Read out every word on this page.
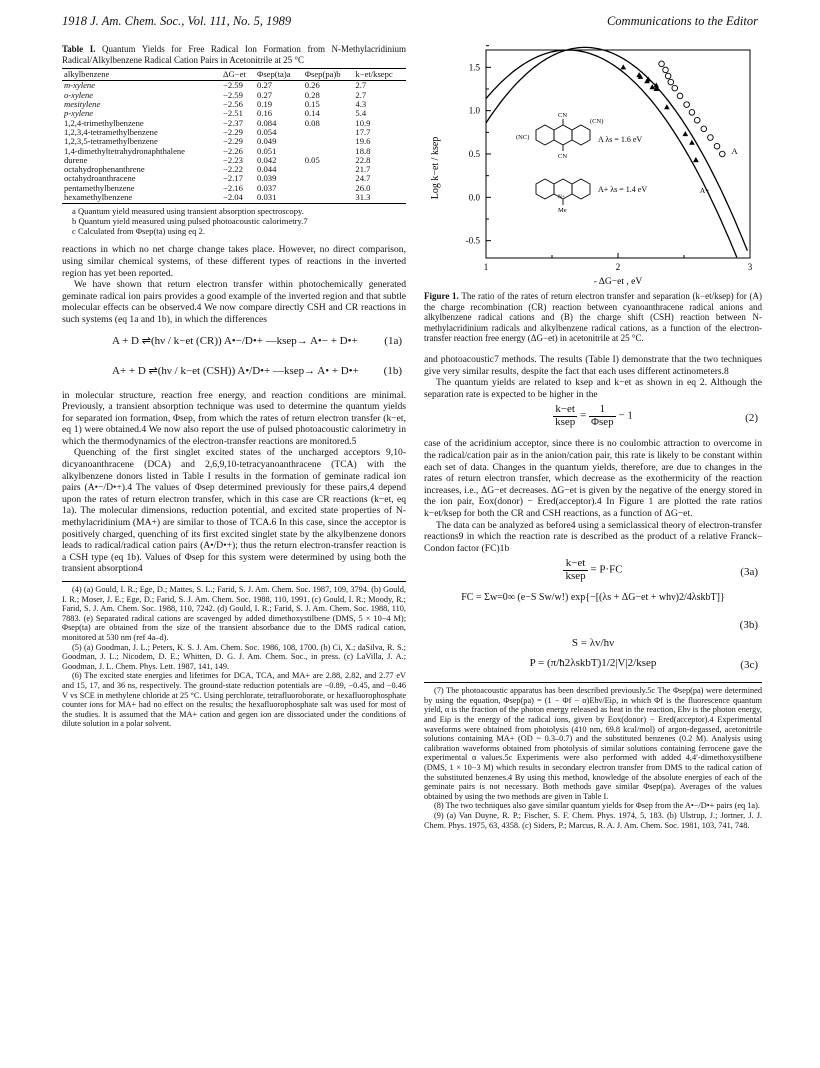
1918 J. Am. Chem. Soc., Vol. 111, No. 5, 1989	Communications to the Editor
Table I. Quantum Yields for Free Radical Ion Formation from N-Methylacridinium Radical/Alkylbenzene Radical Cation Pairs in Acetonitrile at 25 °C
alkylbenzene	ΔG−et	Φsep(ta)a	Φsep(pa)b	k−et/ksepc
m-xylene	−2.59	0.27	0.26	2.7
o-xylene	−2.59	0.27	0.28	2.7
mesitylene	−2.56	0.19	0.15	4.3
p-xylene	−2.51	0.16	0.14	5.4
1,2,4-trimethylbenzene	−2.37	0.084	0.08	10.9
1,2,3,4-tetramethylbenzene	−2.29	0.054		17.7
1,2,3,5-tetramethylbenzene	−2.29	0.049		19.6
1,4-dimethyltetrahydronaphthalene	−2.26	0.051		18.8
durene	−2.23	0.042	0.05	22.8
octahydrophenanthrene	−2.22	0.044		21.7
octahydroanthracene	−2.17	0.039		24.7
pentamethylbenzene	−2.16	0.037		26.0
hexamethylbenzene	−2.04	0.031		31.3
a Quantum yield measured using transient absorption spectroscopy.
b Quantum yield measured using pulsed photoacoustic calorimetry.7
c Calculated from Φsep(ta) using eq 2.

reactions in which no net charge change takes place. However, no direct comparison, using similar chemical systems, of these different types of reactions in the inverted region has yet been reported.

We have shown that return electron transfer within photochemically generated geminate radical ion pairs provides a good example of the inverted region and that subtle molecular effects can be observed.4 We now compare directly CSH and CR reactions in such systems (eq 1a and 1b), in which the differences

A + D ⇌(hν / k−et (CR)) A•−/D•+ —ksep→ A•− + D•+ (1a)
A+ + D ⇌(hν / k−et (CSH)) A•/D•+ —ksep→ A• + D•+ (1b)

in molecular structure, reaction free energy, and reaction conditions are minimal. Previously, a transient absorption technique was used to determine the quantum yields for separated ion formation, Φsep, from which the rates of return electron transfer (k−et, eq 1) were obtained.4 We now also report the use of pulsed photoacoustic calorimetry in which the thermodynamics of the electron-transfer reactions are monitored.5

Quenching of the first singlet excited states of the uncharged acceptors 9,10-dicyanoanthracene (DCA) and 2,6,9,10-tetracyanoanthracene (TCA) with the alkylbenzene donors listed in Table I results in the formation of geminate radical ion pairs (A•−/D•+).4 The values of Φsep determined previously for these pairs,4 depend upon the rates of return electron transfer, which in this case are CR reactions (k−et, eq 1a). The molecular dimensions, reduction potential, and excited state properties of N-methylacridinium (MA+) are similar to those of TCA.6 In this case, since the acceptor is positively charged, quenching of its first excited singlet state by the alkylbenzene donors leads to radical/radical cation pairs (A•/D•+); thus the return electron-transfer reaction is a CSH type (eq 1b). Values of Φsep for this system were determined by using both the transient absorption4

(4) (a) Gould, I. R.; Ege, D.; Mattes, S. L.; Farid, S. J. Am. Chem. Soc. 1987, 109, 3794. (b) Gould, I. R.; Moser, J. E.; Ege, D.; Farid, S. J. Am. Chem. Soc. 1988, 110, 1991. (c) Gould, I. R.; Moody, R.; Farid, S. J. Am. Chem. Soc. 1988, 110, 7242. (d) Gould, I. R.; Farid, S. J. Am. Chem. Soc. 1988, 110, 7883. (e) Separated radical cations are scavenged by added dimethoxystilbene (DMS, 5 × 10−4 M); Φsep(ta) are obtained from the size of the transient absorbance due to the DMS radical cation, monitored at 530 nm (ref 4a–d).
(5) (a) Goodman, J. L.; Peters, K. S. J. Am. Chem. Soc. 1986, 108, 1700. (b) Ci, X.; daSilva, R. S.; Goodman, J. L.; Nicodem, D. E.; Whitten, D. G. J. Am. Chem. Soc., in press. (c) LaVilla, J. A.; Goodman, J. L. Chem. Phys. Lett. 1987, 141, 149.
(6) The excited state energies and lifetimes for DCA, TCA, and MA+ are 2.88, 2.82, and 2.77 eV and 15, 17, and 36 ns, respectively. The ground-state reduction potentials are −0.89, −0.45, and −0.46 V vs SCE in methylene chloride at 25 °C. Using perchlorate, tetrafluoroborate, or hexafluorophosphate counter ions for MA+ had no effect on the results; the hexafluorophosphate salt was used for most of the studies. It is assumed that the MA+ cation and gegen ion are dissociated under the conditions of dilute solution in a polar solvent.
1.5
1.0
0.5
0.0
-0.5
1	2	3
Log k−et / ksep
- ΔG−et , eV
CN
CN
(NC)
(CN)
N+
Me
A λs = 1.6 eV
A+ λs = 1.4 eV
A
A+
Figure 1. The ratio of the rates of return electron transfer and separation (k−et/ksep) for (A) the charge recombination (CR) reaction between cyanoanthracene radical anions and alkylbenzene radical cations and (B) the charge shift (CSH) reaction between N-methylacridinium radicals and alkylbenzene radical cations, as a function of the electron-transfer reaction free energy (ΔG−et) in acetonitrile at 25 °C.

and photoacoustic7 methods. The results (Table I) demonstrate that the two techniques give very similar results, despite the fact that each uses different actinometers.8

The quantum yields are related to ksep and k−et as shown in eq 2. Although the separation rate is expected to be higher in the

$\frac{k-et}{\text{ksep}} = \frac{1}{\text{Φsep}} - 1$	(2)

case of the acridinium acceptor, since there is no coulombic attraction to overcome in the radical/cation pair as in the anion/cation pair, this rate is likely to be constant within each set of data. Changes in the quantum yields, therefore, are due to changes in the rates of return electron transfer, which decrease as the exothermicity of the reaction increases, i.e., ΔG−et decreases. ΔG−et is given by the negative of the energy stored in the ion pair, Eox(donor) − Ered(acceptor).4 In Figure 1 are plotted the rate ratios k−et/ksep for both the CR and CSH reactions, as a function of ΔG−et.

The data can be analyzed as before4 using a semiclassical theory of electron-transfer reactions9 in which the reaction rate is described as the product of a relative Franck–Condon factor (FC)1b

$\frac{k-et}{\text{ksep}} = P\cdot FC$	(3a)
FC = Σw=0∞ (e−S Sw/w!) exp{−[(λs + ΔG−et + whν)2/4λskbT]}
(3b)
S = λv/hν
P = (π/ħ2λskbT)1/2|V|2/ksep	(3c)
(7) The photoacoustic apparatus has been described previously.5c The Φsep(pa) were determined by using the equation, Φsep(pa) = (1 − Φf − α)Ehν/Eiρ, in which Φf is the fluorescence quantum yield, α is the fraction of the photon energy released as heat in the reaction, Ehν is the photon energy, and Eiρ is the energy of the radical ions, given by Eox(donor) − Ered(acceptor).4 Experimental waveforms were obtained from photolysis (410 nm, 69.8 kcal/mol) of argon-degassed, acetonitrile solutions containing MA+ (OD ~ 0.3–0.7) and the substituted benzenes (0.2 M). Analysis using calibration waveforms obtained from photolysis of similar solutions containing ferrocene gave the experimental α values.5c Experiments were also performed with added 4,4′-dimethoxystilbene (DMS, 1 × 10−3 M) which results in secondary electron transfer from DMS to the radical cation of the substituted benzenes.4 By using this method, knowledge of the absolute energies of each of the geminate pairs is not necessary. Both methods gave similar Φsep(pa). Averages of the values obtained by using the two methods are given in Table I.
(8) The two techniques also gave similar quantum yields for Φsep from the A•−/D•+ pairs (eq 1a).
(9) (a) Van Duyne, R. P.; Fischer, S. F. Chem. Phys. 1974, 5, 183. (b) Ulstrup, J.; Jortner, J. J. Chem. Phys. 1975, 63, 4358. (c) Siders, P.; Marcus, R. A. J. Am. Chem. Soc. 1981, 103, 741, 748.
